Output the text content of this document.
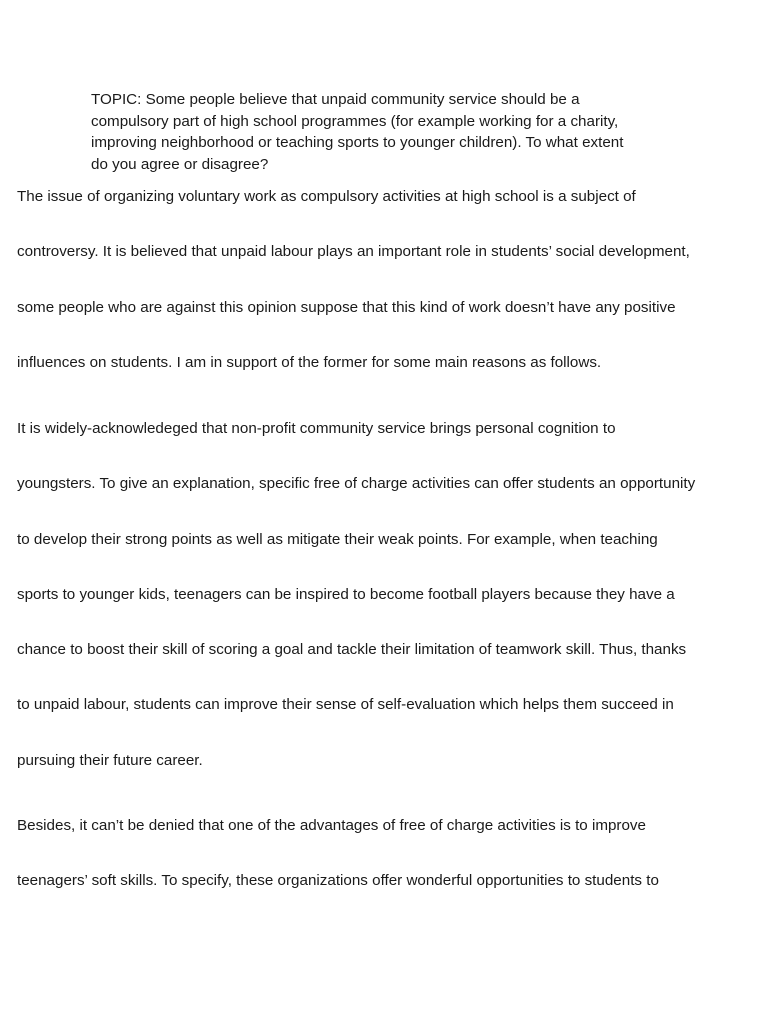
TOPIC: Some people believe that unpaid community service should be a
compulsory part of high school programmes (for example working for a charity,
improving neighborhood or teaching sports to younger children). To what extent
do you agree or disagree?

The issue of organizing voluntary work as compulsory activities at high school is a subject of
controversy. It is believed that unpaid labour plays an important role in students’ social development,
some people who are against this opinion suppose that this kind of work doesn’t have any positive
influences on students. I am in support of the former for some main reasons as follows.

It is widely-acknowledeged that non-profit community service brings personal cognition to
youngsters. To give an explanation, specific free of charge activities can offer students an opportunity
to develop their strong points as well as mitigate their weak points. For example, when teaching
sports to younger kids, teenagers can be inspired to become football players because they have a
chance to boost their skill of scoring a goal and tackle their limitation of teamwork skill. Thus, thanks
to unpaid labour, students can improve their sense of self-evaluation which helps them succeed in
pursuing their future career.

Besides, it can’t be denied that one of the advantages of free of charge activities is to improve
teenagers’ soft skills. To specify, these organizations offer wonderful opportunities to students to
